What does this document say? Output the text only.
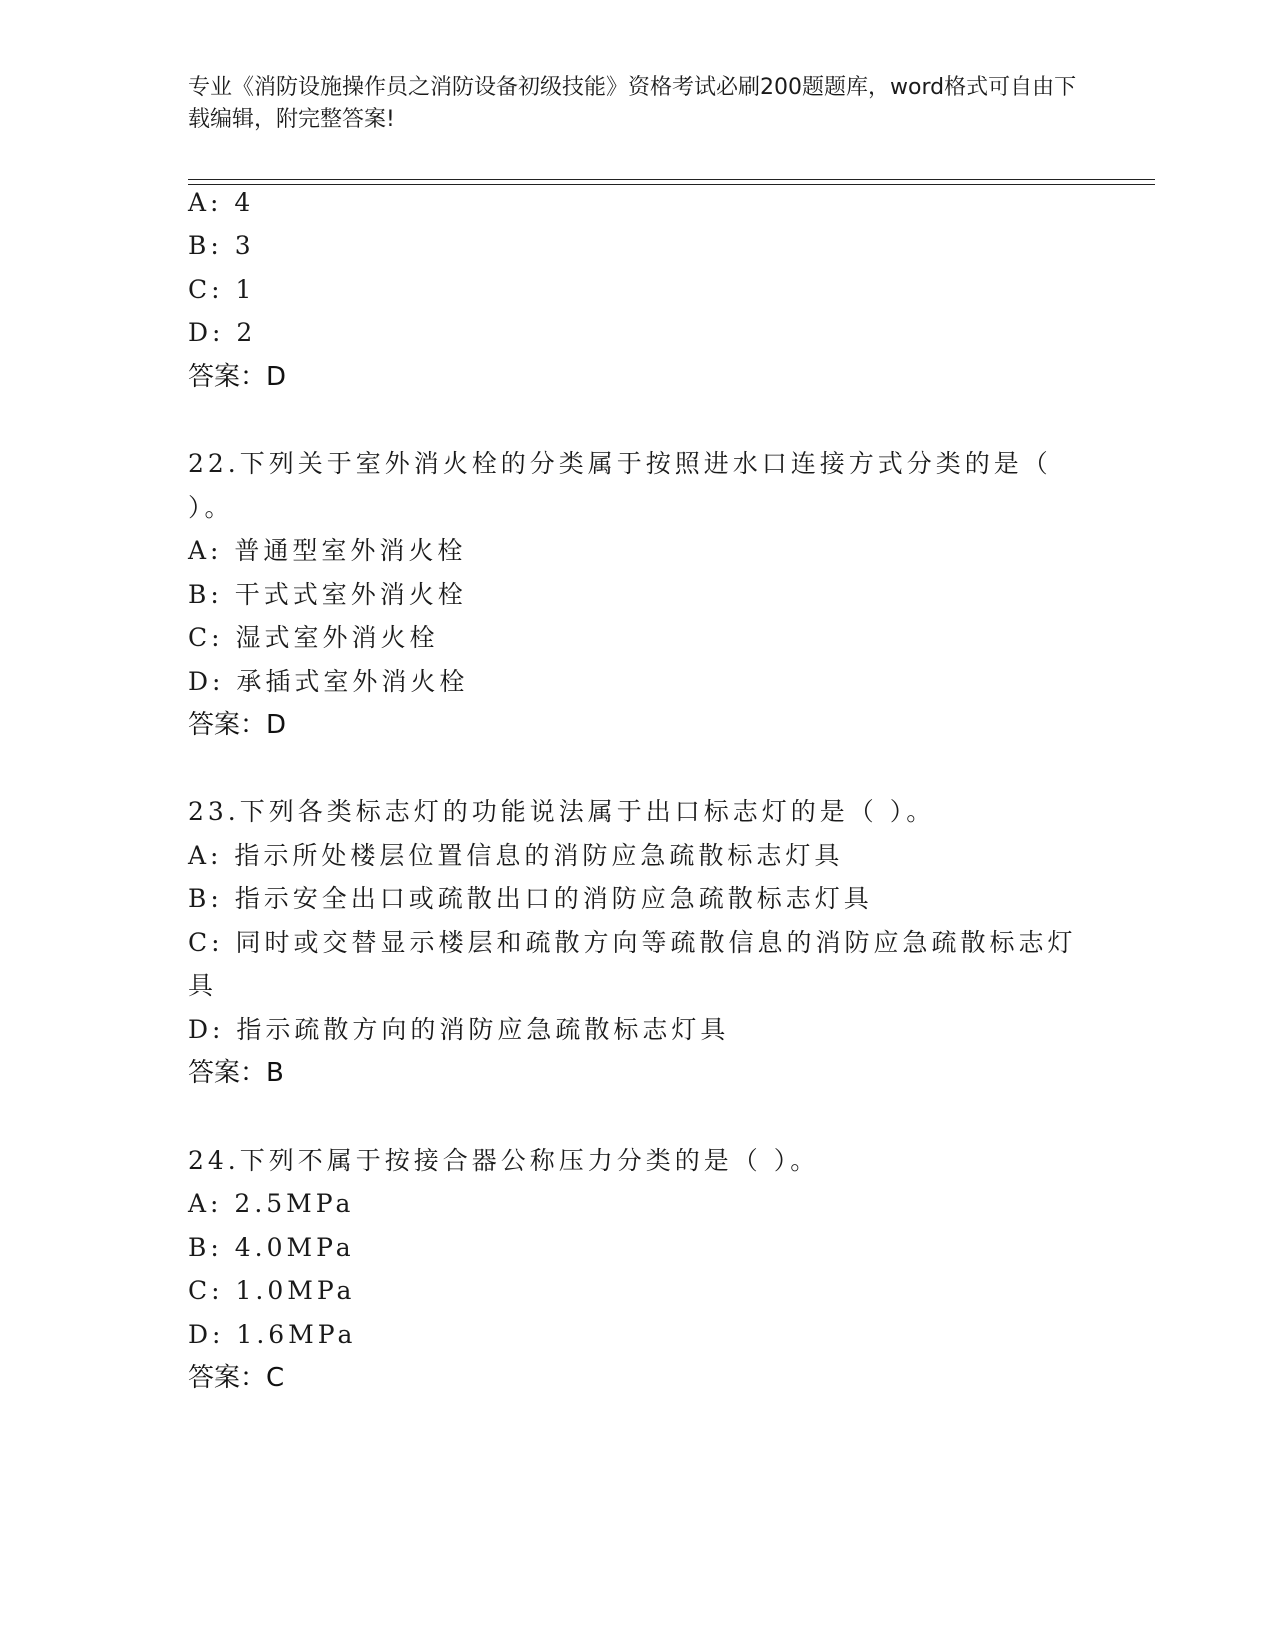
专业《消防设施操作员之消防设备初级技能》资格考试必刷200题题库，word格式可自由下载编辑，附完整答案!
A: 4
B: 3
C: 1
D: 2
答案：D
22.下列关于室外消火栓的分类属于按照进水口连接方式分类的是（
）。
A: 普通型室外消火栓
B: 干式式室外消火栓
C: 湿式室外消火栓
D: 承插式室外消火栓
答案：D
23.下列各类标志灯的功能说法属于出口标志灯的是（ ）。
A: 指示所处楼层位置信息的消防应急疏散标志灯具
B: 指示安全出口或疏散出口的消防应急疏散标志灯具
C: 同时或交替显示楼层和疏散方向等疏散信息的消防应急疏散标志灯
具
D: 指示疏散方向的消防应急疏散标志灯具
答案：B
24.下列不属于按接合器公称压力分类的是（ ）。
A: 2.5MPa
B: 4.0MPa
C: 1.0MPa
D: 1.6MPa
答案：C
